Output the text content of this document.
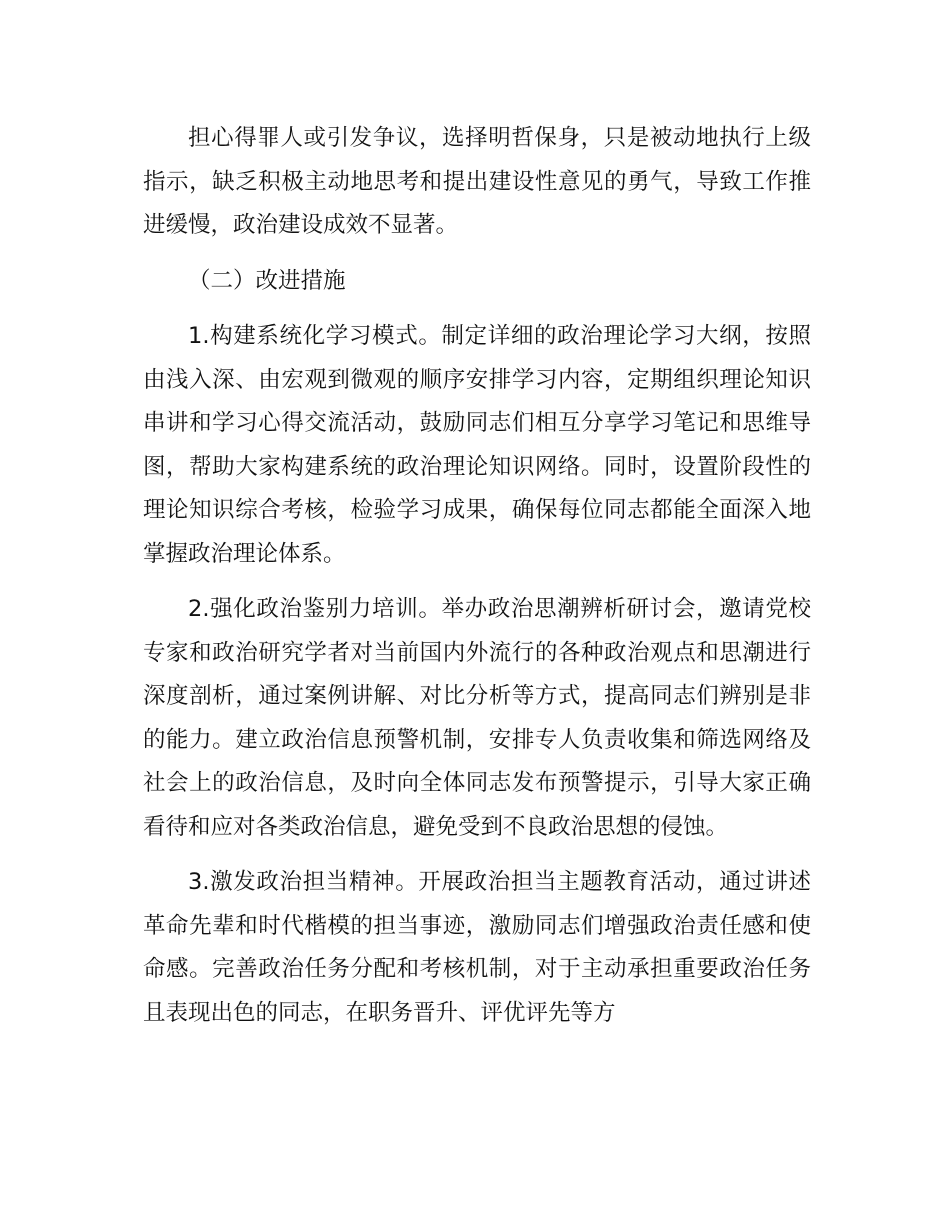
担心得罪人或引发争议，选择明哲保身，只是被动地执行上级指示，缺乏积极主动地思考和提出建设性意见的勇气，导致工作推进缓慢，政治建设成效不显著。

（二）改进措施

1.构建系统化学习模式。制定详细的政治理论学习大纲，按照由浅入深、由宏观到微观的顺序安排学习内容，定期组织理论知识串讲和学习心得交流活动，鼓励同志们相互分享学习笔记和思维导图，帮助大家构建系统的政治理论知识网络。同时，设置阶段性的理论知识综合考核，检验学习成果，确保每位同志都能全面深入地掌握政治理论体系。

2.强化政治鉴别力培训。举办政治思潮辨析研讨会，邀请党校专家和政治研究学者对当前国内外流行的各种政治观点和思潮进行深度剖析，通过案例讲解、对比分析等方式，提高同志们辨别是非的能力。建立政治信息预警机制，安排专人负责收集和筛选网络及社会上的政治信息，及时向全体同志发布预警提示，引导大家正确看待和应对各类政治信息，避免受到不良政治思想的侵蚀。

3.激发政治担当精神。开展政治担当主题教育活动，通过讲述革命先辈和时代楷模的担当事迹，激励同志们增强政治责任感和使命感。完善政治任务分配和考核机制，对于主动承担重要政治任务且表现出色的同志，在职务晋升、评优评先等方
